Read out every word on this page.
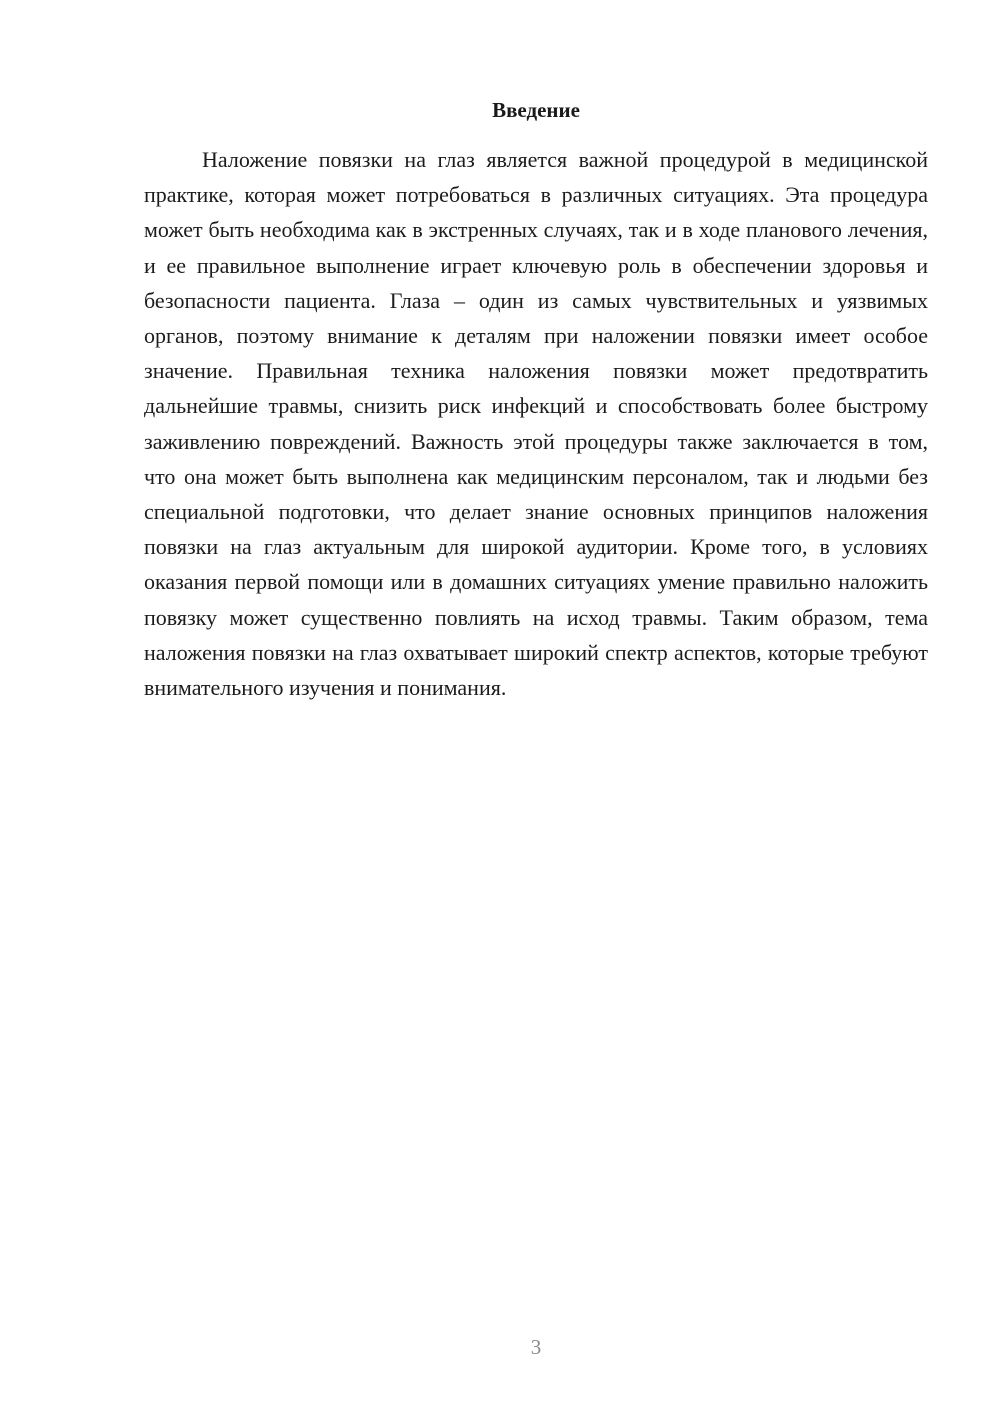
Введение

Наложение повязки на глаз является важной процедурой в медицинской практике, которая может потребоваться в различных ситуациях. Эта процедура может быть необходима как в экстренных случаях, так и в ходе планового лечения, и ее правильное выполнение играет ключевую роль в обеспечении здоровья и безопасности пациента. Глаза – один из самых чувствительных и уязвимых органов, поэтому внимание к деталям при наложении повязки имеет особое значение. Правильная техника наложения повязки может предотвратить дальнейшие травмы, снизить риск инфекций и способствовать более быстрому заживлению повреждений. Важность этой процедуры также заключается в том, что она может быть выполнена как медицинским персоналом, так и людьми без специальной подготовки, что делает знание основных принципов наложения повязки на глаз актуальным для широкой аудитории. Кроме того, в условиях оказания первой помощи или в домашних ситуациях умение правильно наложить повязку может существенно повлиять на исход травмы. Таким образом, тема наложения повязки на глаз охватывает широкий спектр аспектов, которые требуют внимательного изучения и понимания.

3
